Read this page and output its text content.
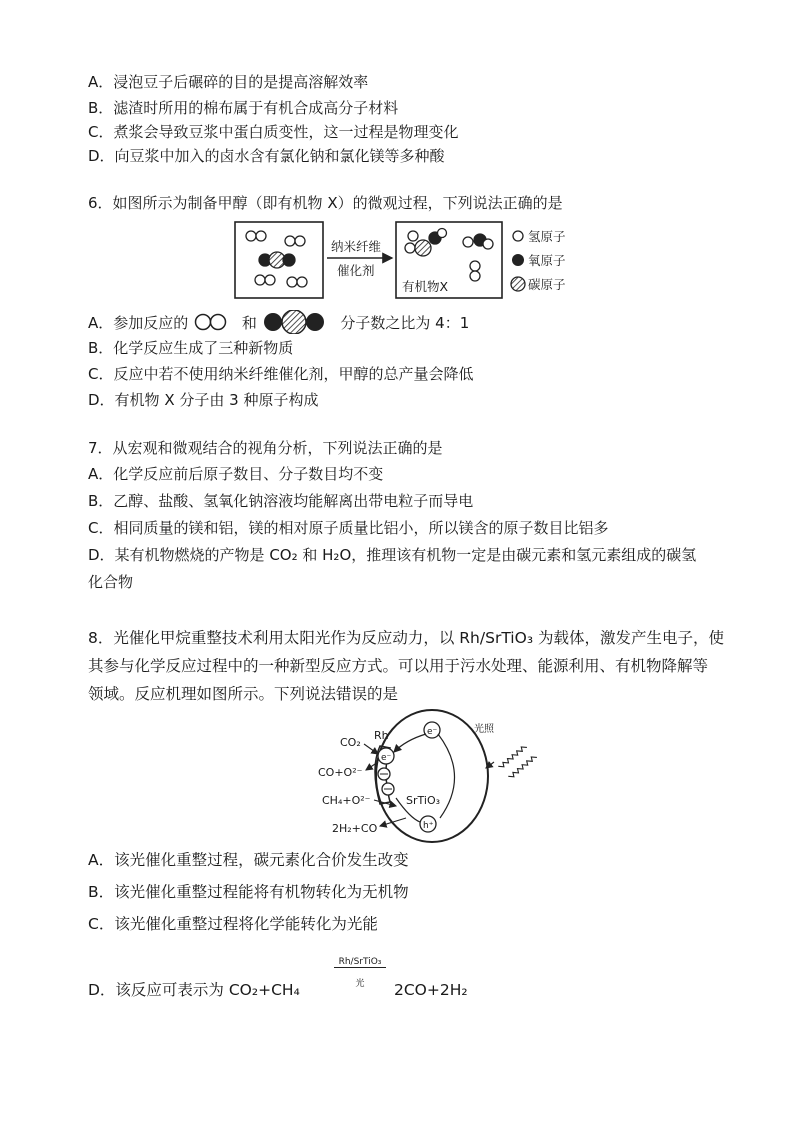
A．浸泡豆子后碾碎的目的是提高溶解效率
B．滤渣时所用的棉布属于有机合成高分子材料
C．煮浆会导致豆浆中蛋白质变性，这一过程是物理变化
D．向豆浆中加入的卤水含有氯化钠和氯化镁等多种酸
6．如图所示为制备甲醇（即有机物 X）的微观过程，下列说法正确的是
纳米纤维
催化剂
有机物X
氢原子
氧原子
碳原子
A．参加反应的	和	分子数之比为 4：1
B．化学反应生成了三种新物质
C．反应中若不使用纳米纤维催化剂，甲醇的总产量会降低
D．有机物 X 分子由 3 种原子构成
7．从宏观和微观结合的视角分析，下列说法正确的是
A．化学反应前后原子数目、分子数目均不变
B．乙醇、盐酸、氢氧化钠溶液均能解离出带电粒子而导电
C．相同质量的镁和铝，镁的相对原子质量比铝小，所以镁含的原子数目比铝多
D．某有机物燃烧的产物是 CO₂ 和 H₂O，推理该有机物一定是由碳元素和氢元素组成的碳氢
化合物
8．光催化甲烷重整技术利用太阳光作为反应动力，以 Rh/SrTiO₃ 为载体，激发产生电子，使
其参与化学反应过程中的一种新型反应方式。可以用于污水处理、能源利用、有机物降解等
领域。反应机理如图所示。下列说法错误的是
Rh	e⁻
e⁻
h⁺
SrTiO₃
CO₂
CO+O²⁻
CH₄+O²⁻
2H₂+CO
光照
A．该光催化重整过程，碳元素化合价发生改变
B．该光催化重整过程能将有机物转化为无机物
C．该光催化重整过程将化学能转化为光能
D．该反应可表示为 CO₂+CH₄
Rh/SrTiO₃
光	2CO+2H₂
